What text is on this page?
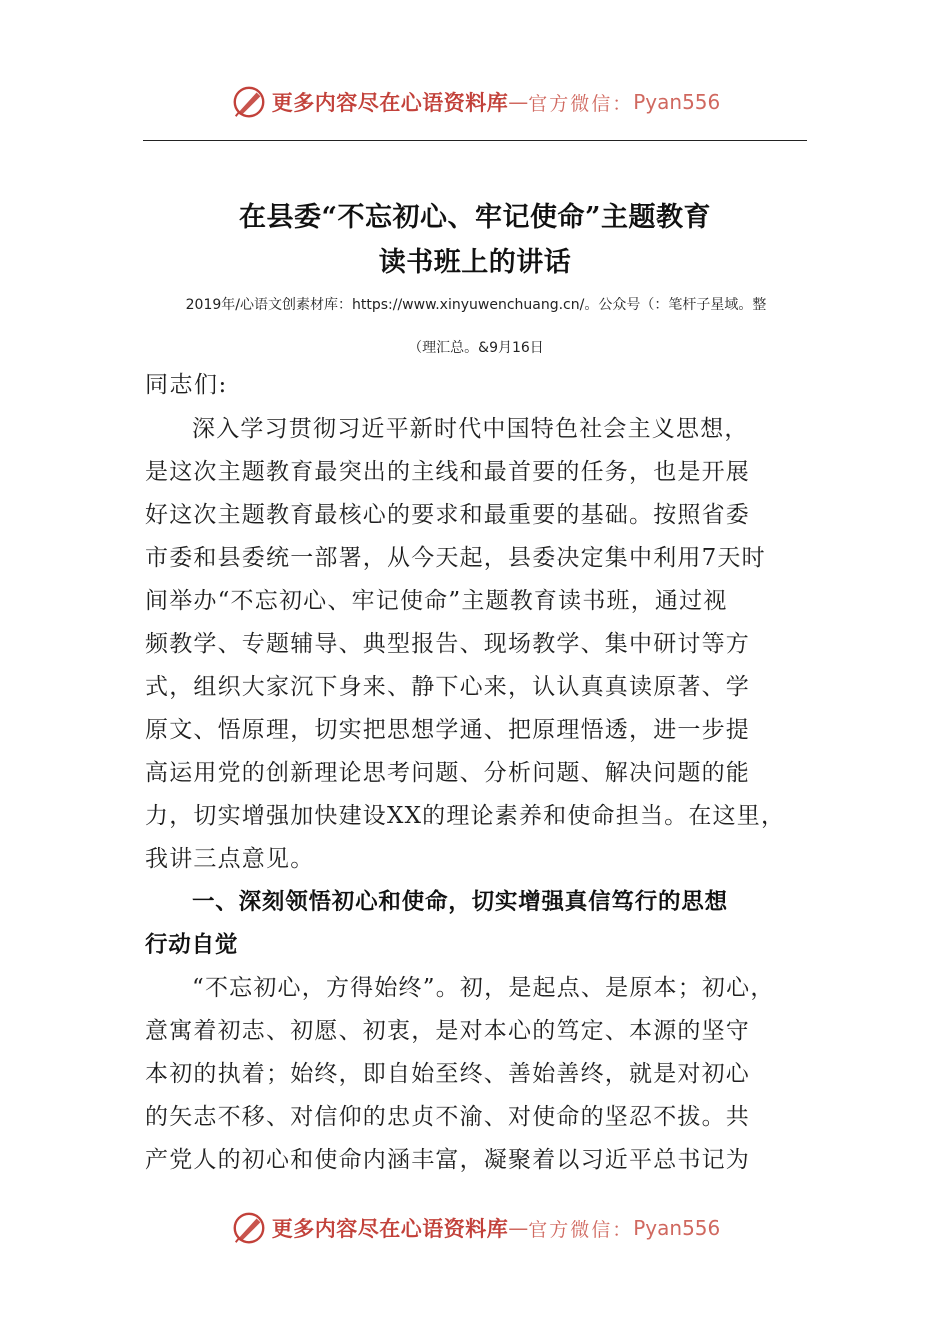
更多内容尽在心语资料库 — 官方微信： Pyan556
在县委“不忘初心、牢记使命”主题教育
读书班上的讲话
2019年/心语文创素材库：https://www.xinyuwenchuang.cn/。公众号（：笔杆子星域。整
（理汇总。&9月16日
同志们:
深入学习贯彻习近平新时代中国特色社会主义思想，
是这次主题教育最突出的主线和最首要的任务，也是开展
好这次主题教育最核心的要求和最重要的基础。按照省委
市委和县委统一部署，从今天起，县委决定集中利用7天时
间举办“不忘初心、牢记使命”主题教育读书班，通过视
频教学、专题辅导、典型报告、现场教学、集中研讨等方
式，组织大家沉下身来、静下心来，认认真真读原著、学
原文、悟原理，切实把思想学通、把原理悟透，进一步提
高运用党的创新理论思考问题、分析问题、解决问题的能
力，切实增强加快建设XX的理论素养和使命担当。在这里，
我讲三点意见。
一、深刻领悟初心和使命，切实增强真信笃行的思想
行动自觉
“不忘初心，方得始终”。初，是起点、是原本；初心，
意寓着初志、初愿、初衷，是对本心的笃定、本源的坚守
本初的执着；始终，即自始至终、善始善终，就是对初心
的矢志不移、对信仰的忠贞不渝、对使命的坚忍不拔。共
产党人的初心和使命内涵丰富，凝聚着以习近平总书记为
更多内容尽在心语资料库 — 官方微信： Pyan556
